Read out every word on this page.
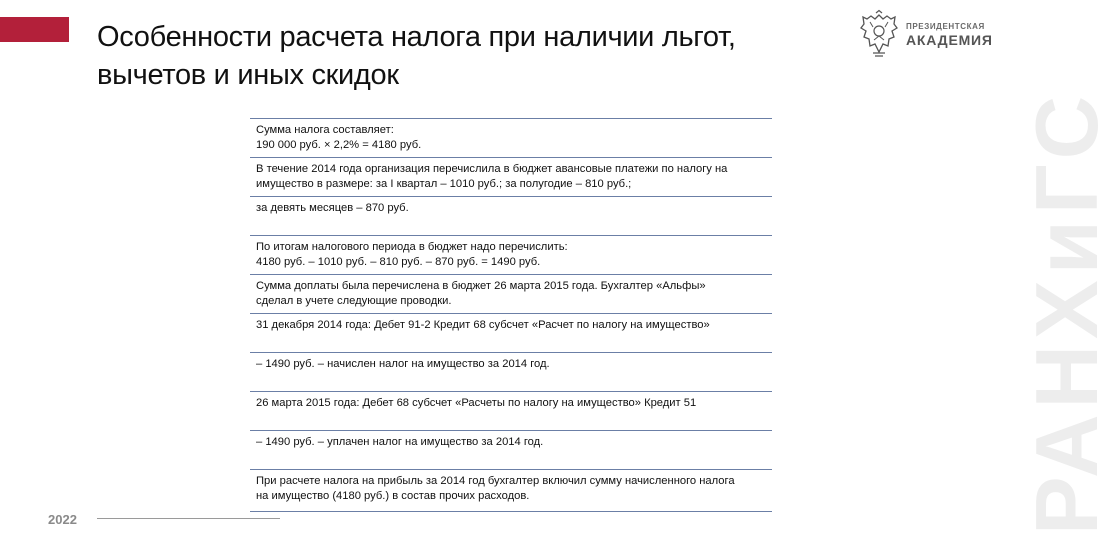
Особенности расчета налога при наличии льгот, вычетов и иных скидок
ПРЕЗИДЕНТСКАЯ
АКАДЕМИЯ
РАНХиГС
Сумма налога составляет:
190 000 руб. × 2,2% = 4180 руб.
В течение 2014 года организация перечислила в бюджет авансовые платежи по налогу на
имущество в размере: за I квартал – 1010 руб.; за полугодие – 810 руб.;
за девять месяцев – 870 руб.
По итогам налогового периода в бюджет надо перечислить:
4180 руб. – 1010 руб. – 810 руб. – 870 руб. = 1490 руб.
Сумма доплаты была перечислена в бюджет 26 марта 2015 года. Бухгалтер «Альфы»
сделал в учете следующие проводки.
31 декабря 2014 года: Дебет 91-2 Кредит 68 субсчет «Расчет по налогу на имущество»
– 1490 руб. – начислен налог на имущество за 2014 год.
26 марта 2015 года: Дебет 68 субсчет «Расчеты по налогу на имущество» Кредит 51
– 1490 руб. – уплачен налог на имущество за 2014 год.
При расчете налога на прибыль за 2014 год бухгалтер включил сумму начисленного налога
на имущество (4180 руб.) в состав прочих расходов.
2022
